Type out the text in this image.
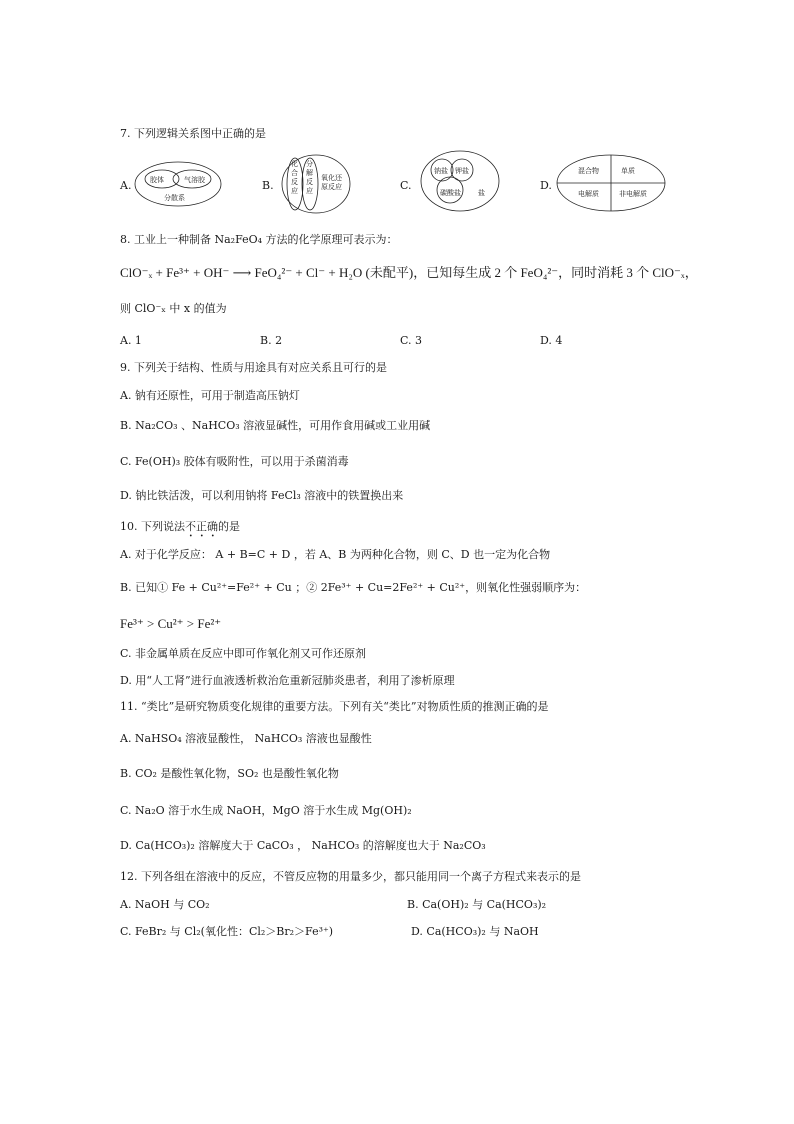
7. 下列逻辑关系图中正确的是
A.	胶体	气溶胶
分散系
B.
化
合
反
应
分
解
反
应
氧化还
原反应	C.
钠盐 钾盐
碳酸盐 盐
D.
混合物	单质
电解质	非电解质
8. 工业上一种制备 Na₂FeO₄ 方法的化学原理可表示为：
ClO⁻ₓ + Fe³⁺ + OH⁻ ⟶ FeO₄²⁻ + Cl⁻ + H₂O (未配平)，已知每生成 2 个 FeO₄²⁻，同时消耗 3 个 ClO⁻ₓ，
则 ClO⁻ₓ 中 x 的值为
A. 1	B. 2	C. 3	D. 4
9. 下列关于结构、性质与用途具有对应关系且可行的是
A. 钠有还原性，可用于制造高压钠灯
B. Na₂CO₃ 、NaHCO₃ 溶液显碱性，可用作食用碱或工业用碱
C. Fe(OH)₃ 胶体有吸附性，可以用于杀菌消毒
D. 钠比铁活泼，可以利用钠将 FeCl₃ 溶液中的铁置换出来
10. 下列说法不正确的是
A. 对于化学反应： A + B=C + D ，若 A、B 为两种化合物，则 C、D 也一定为化合物
B. 已知① Fe + Cu²⁺=Fe²⁺ + Cu ；② 2Fe³⁺ + Cu=2Fe²⁺ + Cu²⁺，则氧化性强弱顺序为：
Fe³⁺ > Cu²⁺ > Fe²⁺
C. 非金属单质在反应中即可作氧化剂又可作还原剂
D. 用“人工肾”进行血液透析救治危重新冠肺炎患者，利用了渗析原理
11. “类比”是研究物质变化规律的重要方法。下列有关“类比”对物质性质的推测正确的是
A. NaHSO₄ 溶液显酸性， NaHCO₃ 溶液也显酸性
B. CO₂ 是酸性氧化物，SO₂ 也是酸性氧化物
C. Na₂O 溶于水生成 NaOH，MgO 溶于水生成 Mg(OH)₂
D. Ca(HCO₃)₂ 溶解度大于 CaCO₃ ， NaHCO₃ 的溶解度也大于 Na₂CO₃
12. 下列各组在溶液中的反应，不管反应物的用量多少，都只能用同一个离子方程式来表示的是
A. NaOH 与 CO₂	B. Ca(OH)₂ 与 Ca(HCO₃)₂
C. FeBr₂ 与 Cl₂(氧化性：Cl₂＞Br₂＞Fe³⁺)	D. Ca(HCO₃)₂ 与 NaOH
